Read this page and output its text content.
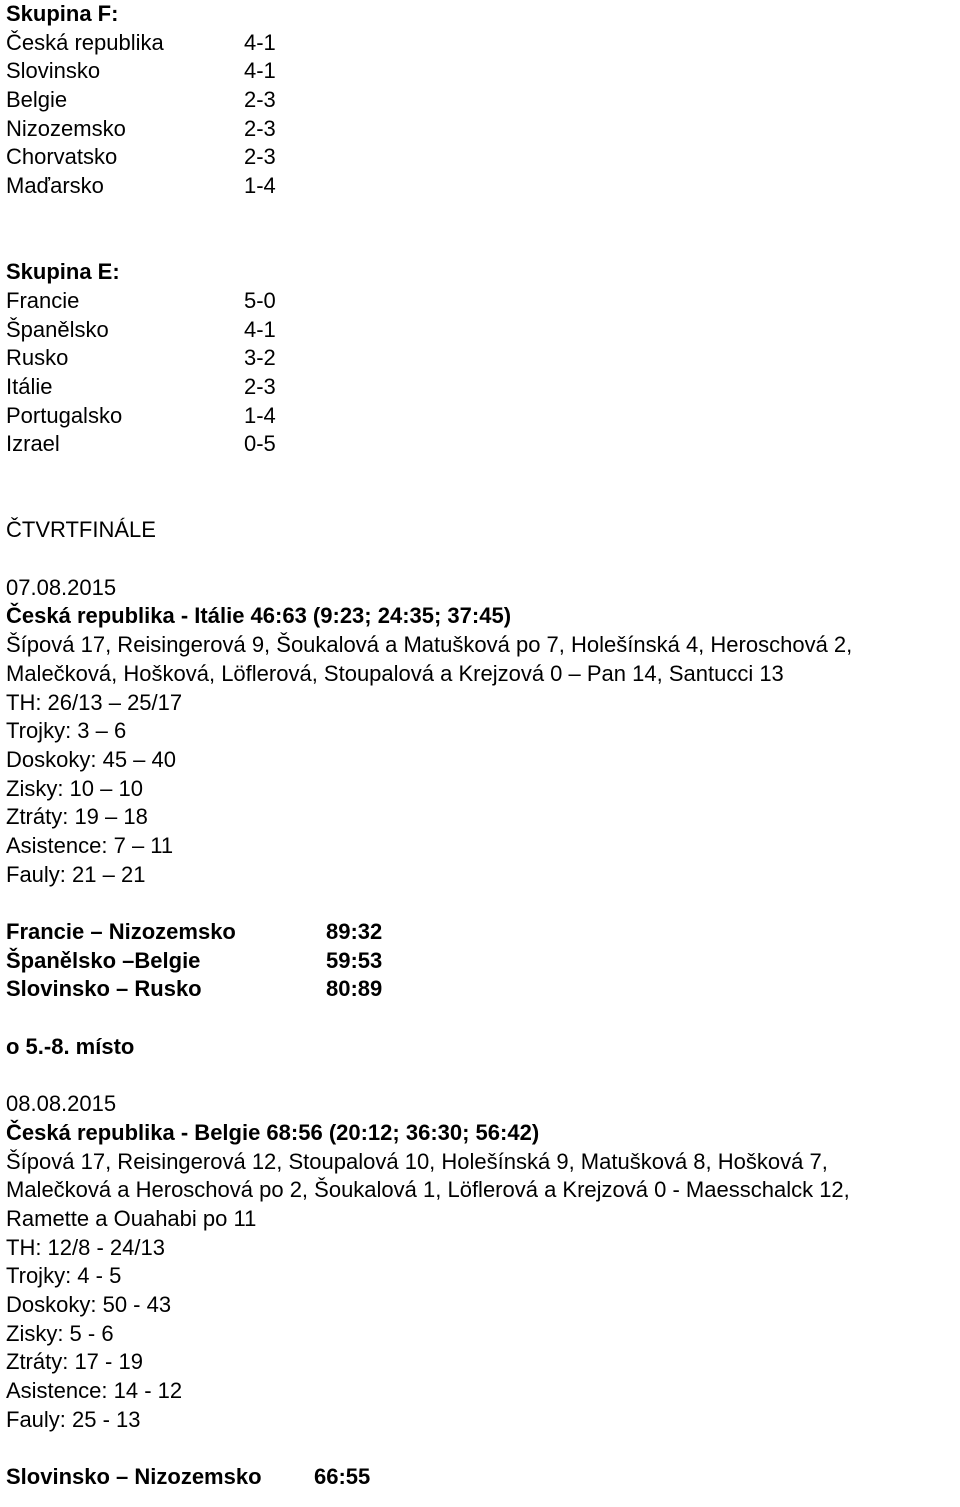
Skupina F:
Česká republika	4-1
Slovinsko	4-1
Belgie	2-3
Nizozemsko	2-3
Chorvatsko	2-3
Maďarsko	1-4
Skupina E:
Francie	5-0
Španělsko	4-1
Rusko	3-2
Itálie	2-3
Portugalsko	1-4
Izrael	0-5
ČTVRTFINÁLE
07.08.2015
Česká republika - Itálie 46:63 (9:23; 24:35; 37:45)
Šípová 17, Reisingerová 9, Šoukalová a Matušková po 7, Holešínská 4, Heroschová 2,
Malečková, Hošková, Löflerová, Stoupalová a Krejzová 0 – Pan 14, Santucci 13
TH: 26/13 – 25/17
Trojky: 3 – 6
Doskoky: 45 – 40
Zisky: 10 – 10
Ztráty: 19 – 18
Asistence: 7 – 11
Fauly: 21 – 21
Francie – Nizozemsko	89:32
Španělsko –Belgie	59:53
Slovinsko – Rusko	80:89
o 5.-8. místo
08.08.2015
Česká republika - Belgie 68:56 (20:12; 36:30; 56:42)
Šípová 17, Reisingerová 12, Stoupalová 10, Holešínská 9, Matušková 8, Hošková 7,
Malečková a Heroschová po 2, Šoukalová 1, Löflerová a Krejzová 0 - Maesschalck 12,
Ramette a Ouahabi po 11
TH: 12/8 - 24/13
Trojky: 4 - 5
Doskoky: 50 - 43
Zisky: 5 - 6
Ztráty: 17 - 19
Asistence: 14 - 12
Fauly: 25 - 13
Slovinsko – Nizozemsko	66:55
